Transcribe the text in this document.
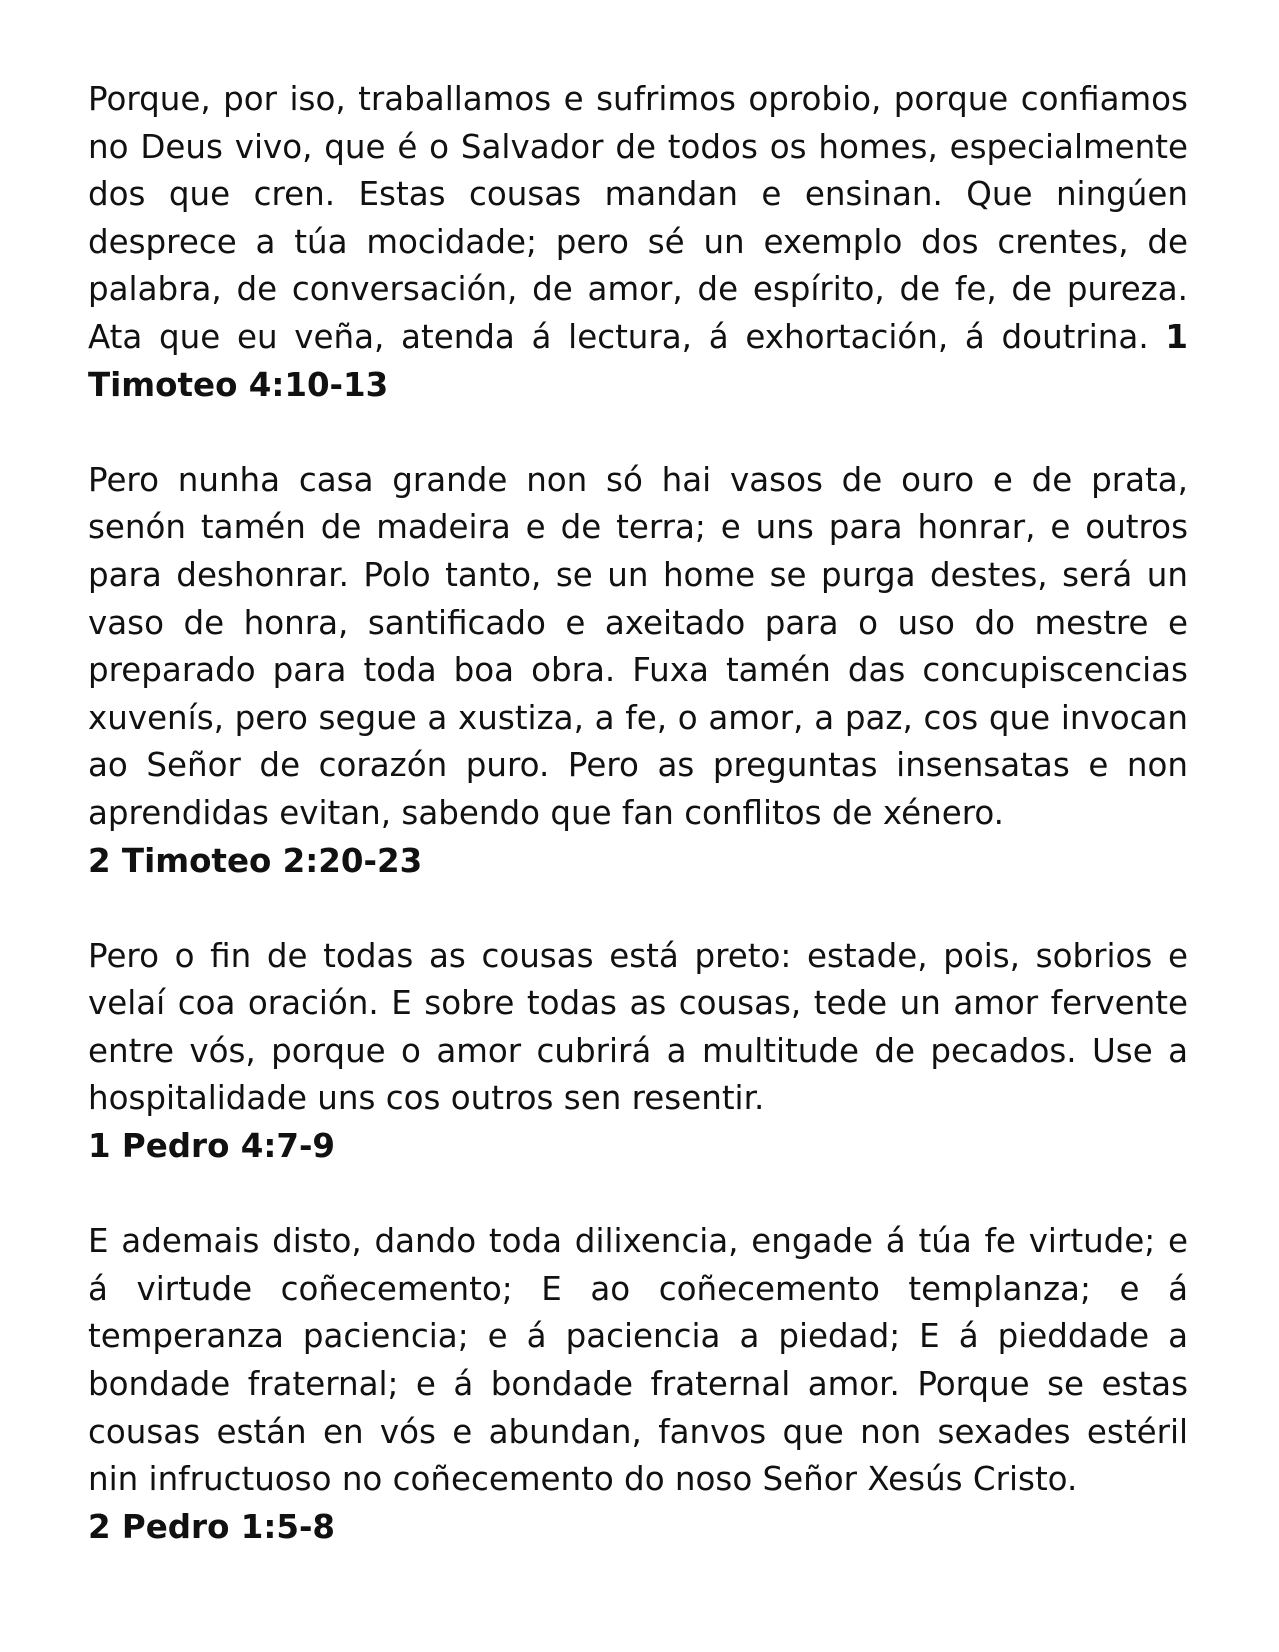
Porque, por iso, traballamos e sufrimos oprobio, porque confiamos no Deus vivo, que é o Salvador de todos os homes, especialmente dos que cren. Estas cousas mandan e ensinan. Que ningúen desprece a túa mocidade; pero sé un exemplo dos crentes, de palabra, de conversación, de amor, de espírito, de fe, de pureza. Ata que eu veña, atenda á lectura, á exhortación, á doutrina. 1 Timoteo 4:10-13
Pero nunha casa grande non só hai vasos de ouro e de prata, senón tamén de madeira e de terra; e uns para honrar, e outros para deshonrar. Polo tanto, se un home se purga destes, será un vaso de honra, santificado e axeitado para o uso do mestre e preparado para toda boa obra. Fuxa tamén das concupiscencias xuvenís, pero segue a xustiza, a fe, o amor, a paz, cos que invocan ao Señor de corazón puro. Pero as preguntas insensatas e non aprendidas evitan, sabendo que fan conflitos de xénero.
2 Timoteo 2:20-23
Pero o fin de todas as cousas está preto: estade, pois, sobrios e velaí coa oración. E sobre todas as cousas, tede un amor fervente entre vós, porque o amor cubrirá a multitude de pecados. Use a hospitalidade uns cos outros sen resentir.
1 Pedro 4:7-9
E ademais disto, dando toda dilixencia, engade á túa fe virtude; e á virtude coñecemento; E ao coñecemento templanza; e á temperanza paciencia; e á paciencia a piedad; E á pieddade a bondade fraternal; e á bondade fraternal amor. Porque se estas cousas están en vós e abundan, fanvos que non sexades estéril nin infructuoso no coñecemento do noso Señor Xesús Cristo.
2 Pedro 1:5-8
